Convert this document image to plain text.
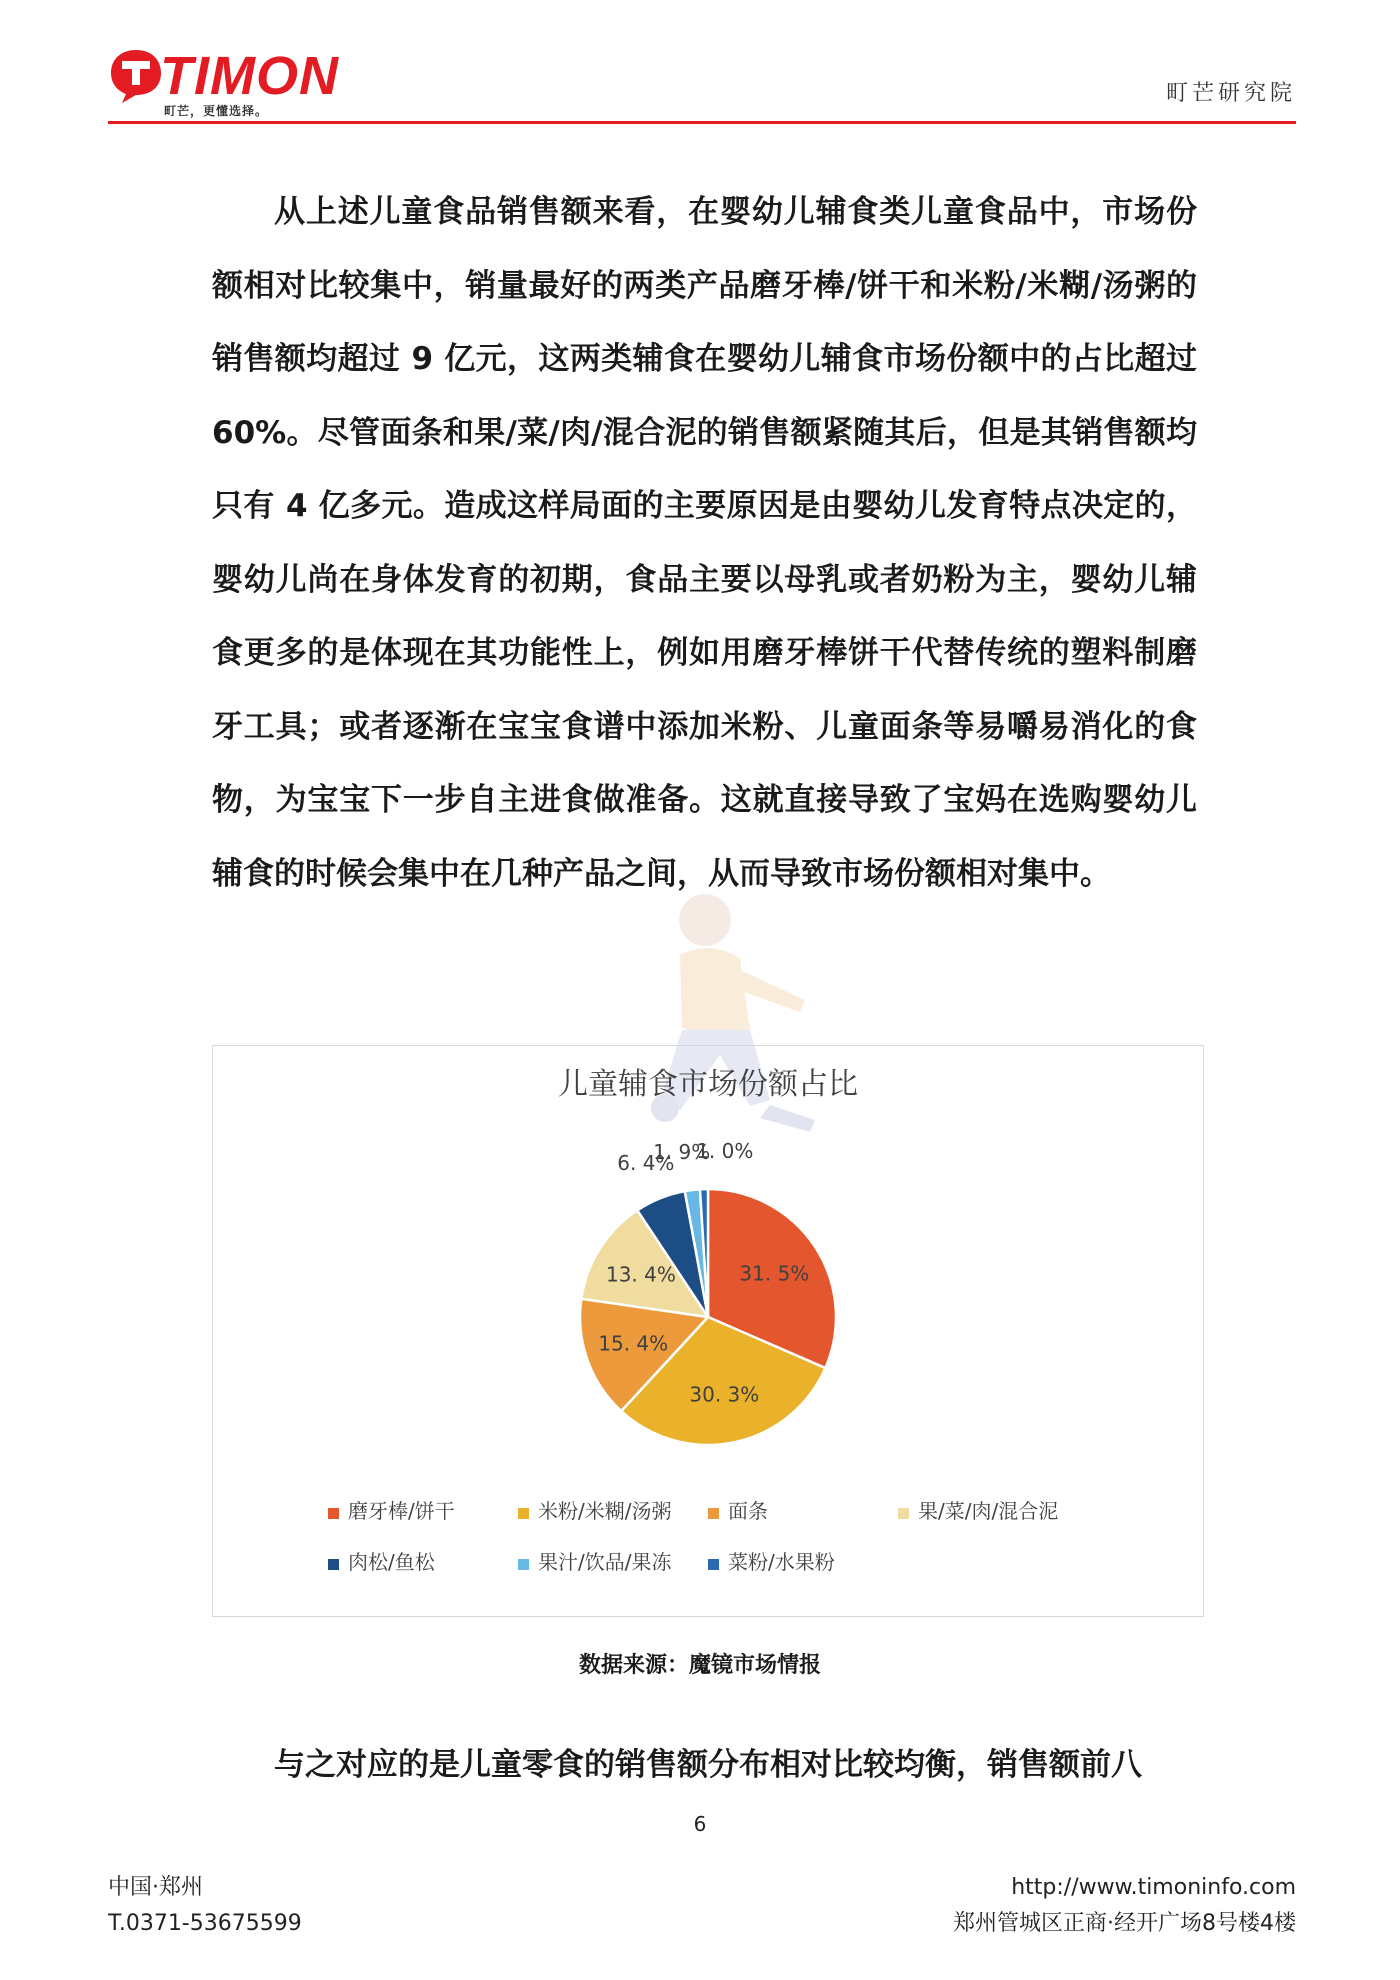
TIMON
町芒，更懂选择。
町芒研究院

从上述儿童食品销售额来看，在婴幼儿辅食类儿童食品中，市场份额相对比较集中，销量最好的两类产品磨牙棒/饼干和米粉/米糊/汤粥的销售额均超过 9 亿元，这两类辅食在婴幼儿辅食市场份额中的占比超过 60%。尽管面条和果/菜/肉/混合泥的销售额紧随其后，但是其销售额均只有 4 亿多元。造成这样局面的主要原因是由婴幼儿发育特点决定的，婴幼儿尚在身体发育的初期，食品主要以母乳或者奶粉为主，婴幼儿辅食更多的是体现在其功能性上，例如用磨牙棒饼干代替传统的塑料制磨牙工具；或者逐渐在宝宝食谱中添加米粉、儿童面条等易嚼易消化的食物，为宝宝下一步自主进食做准备。这就直接导致了宝妈在选购婴幼儿辅食的时候会集中在几种产品之间，从而导致市场份额相对集中。

儿童辅食市场份额占比
31. 5%
30. 3%
15. 4%
13. 4%
6. 4%
1. 9%
1. 0%
磨牙棒/饼干	米粉/米糊/汤粥	面条	果/菜/肉/混合泥
肉松/鱼松	果汁/饮品/果冻	菜粉/水果粉
数据来源：魔镜市场情报

与之对应的是儿童零食的销售额分布相对比较均衡，销售额前八

6
中国·郑州
T.0371-53675599
http://www.timoninfo.com
郑州管城区正商·经开广场8号楼4楼
